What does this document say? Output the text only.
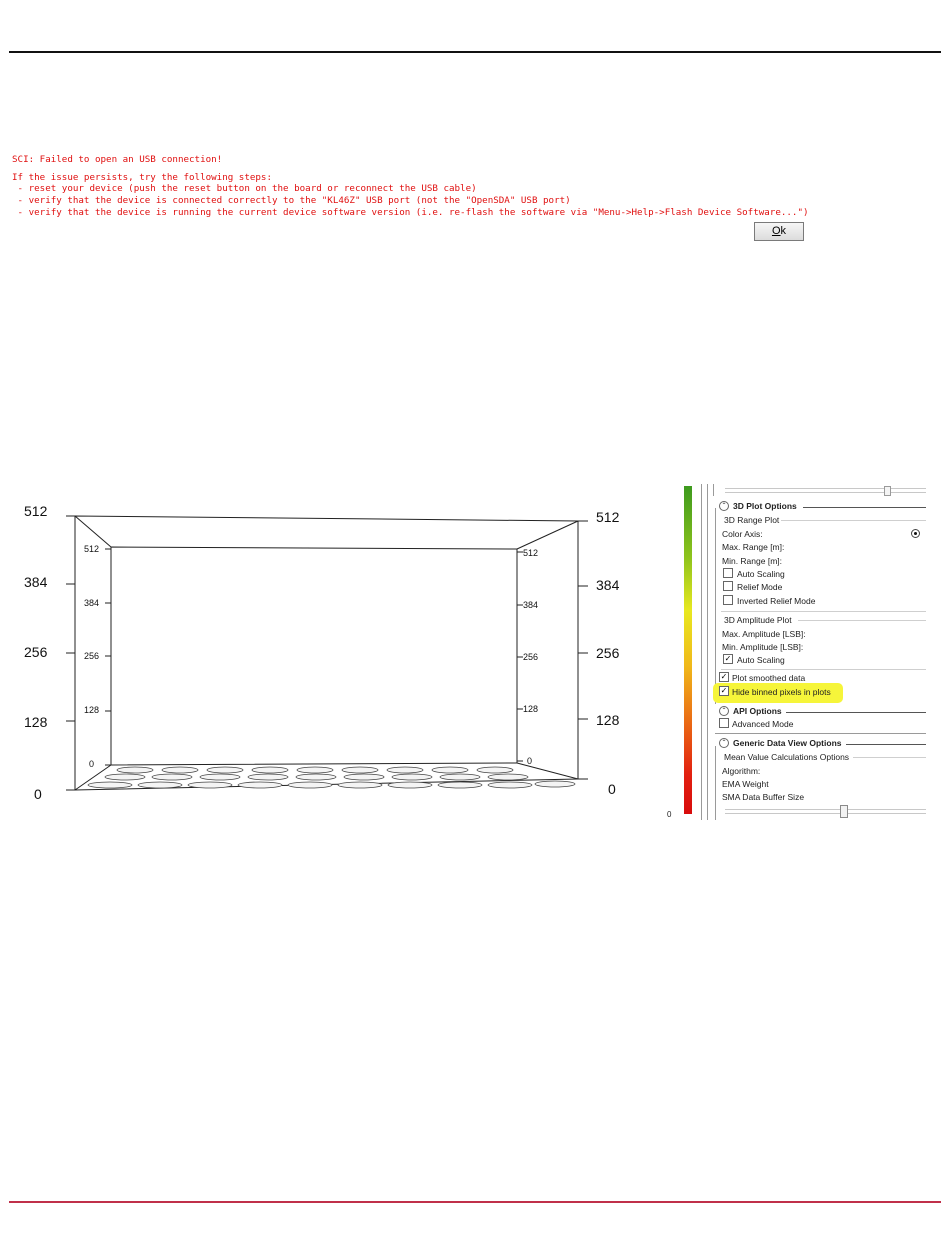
SCI: Failed to open an USB connection!
If the issue persists, try the following steps:
- reset your device (push the reset button on the board or reconnect the USB cable)
- verify that the device is connected correctly to the "KL46Z" USB port (not the "OpenSDA" USB port)
- verify that the device is running the current device software version (i.e. re-flash the software via "Menu->Help->Flash Device Software...")
Ok
512
384
256
128
0
512
384
256
128
0
512
384
256
128
0
512
384
256
128
0
0
⌃ 3D Plot Options
3D Range Plot
Color Axis:
Max. Range [m]:
Min. Range [m]:
Auto Scaling
Relief Mode
Inverted Relief Mode
3D Amplitude Plot
Max. Amplitude [LSB]:
Min. Amplitude [LSB]:
✓ Auto Scaling
✓ Plot smoothed data
✓ Hide binned pixels in plots
⌃ API Options
Advanced Mode
⌃ Generic Data View Options
Mean Value Calculations Options
Algorithm:
EMA Weight
SMA Data Buffer Size
